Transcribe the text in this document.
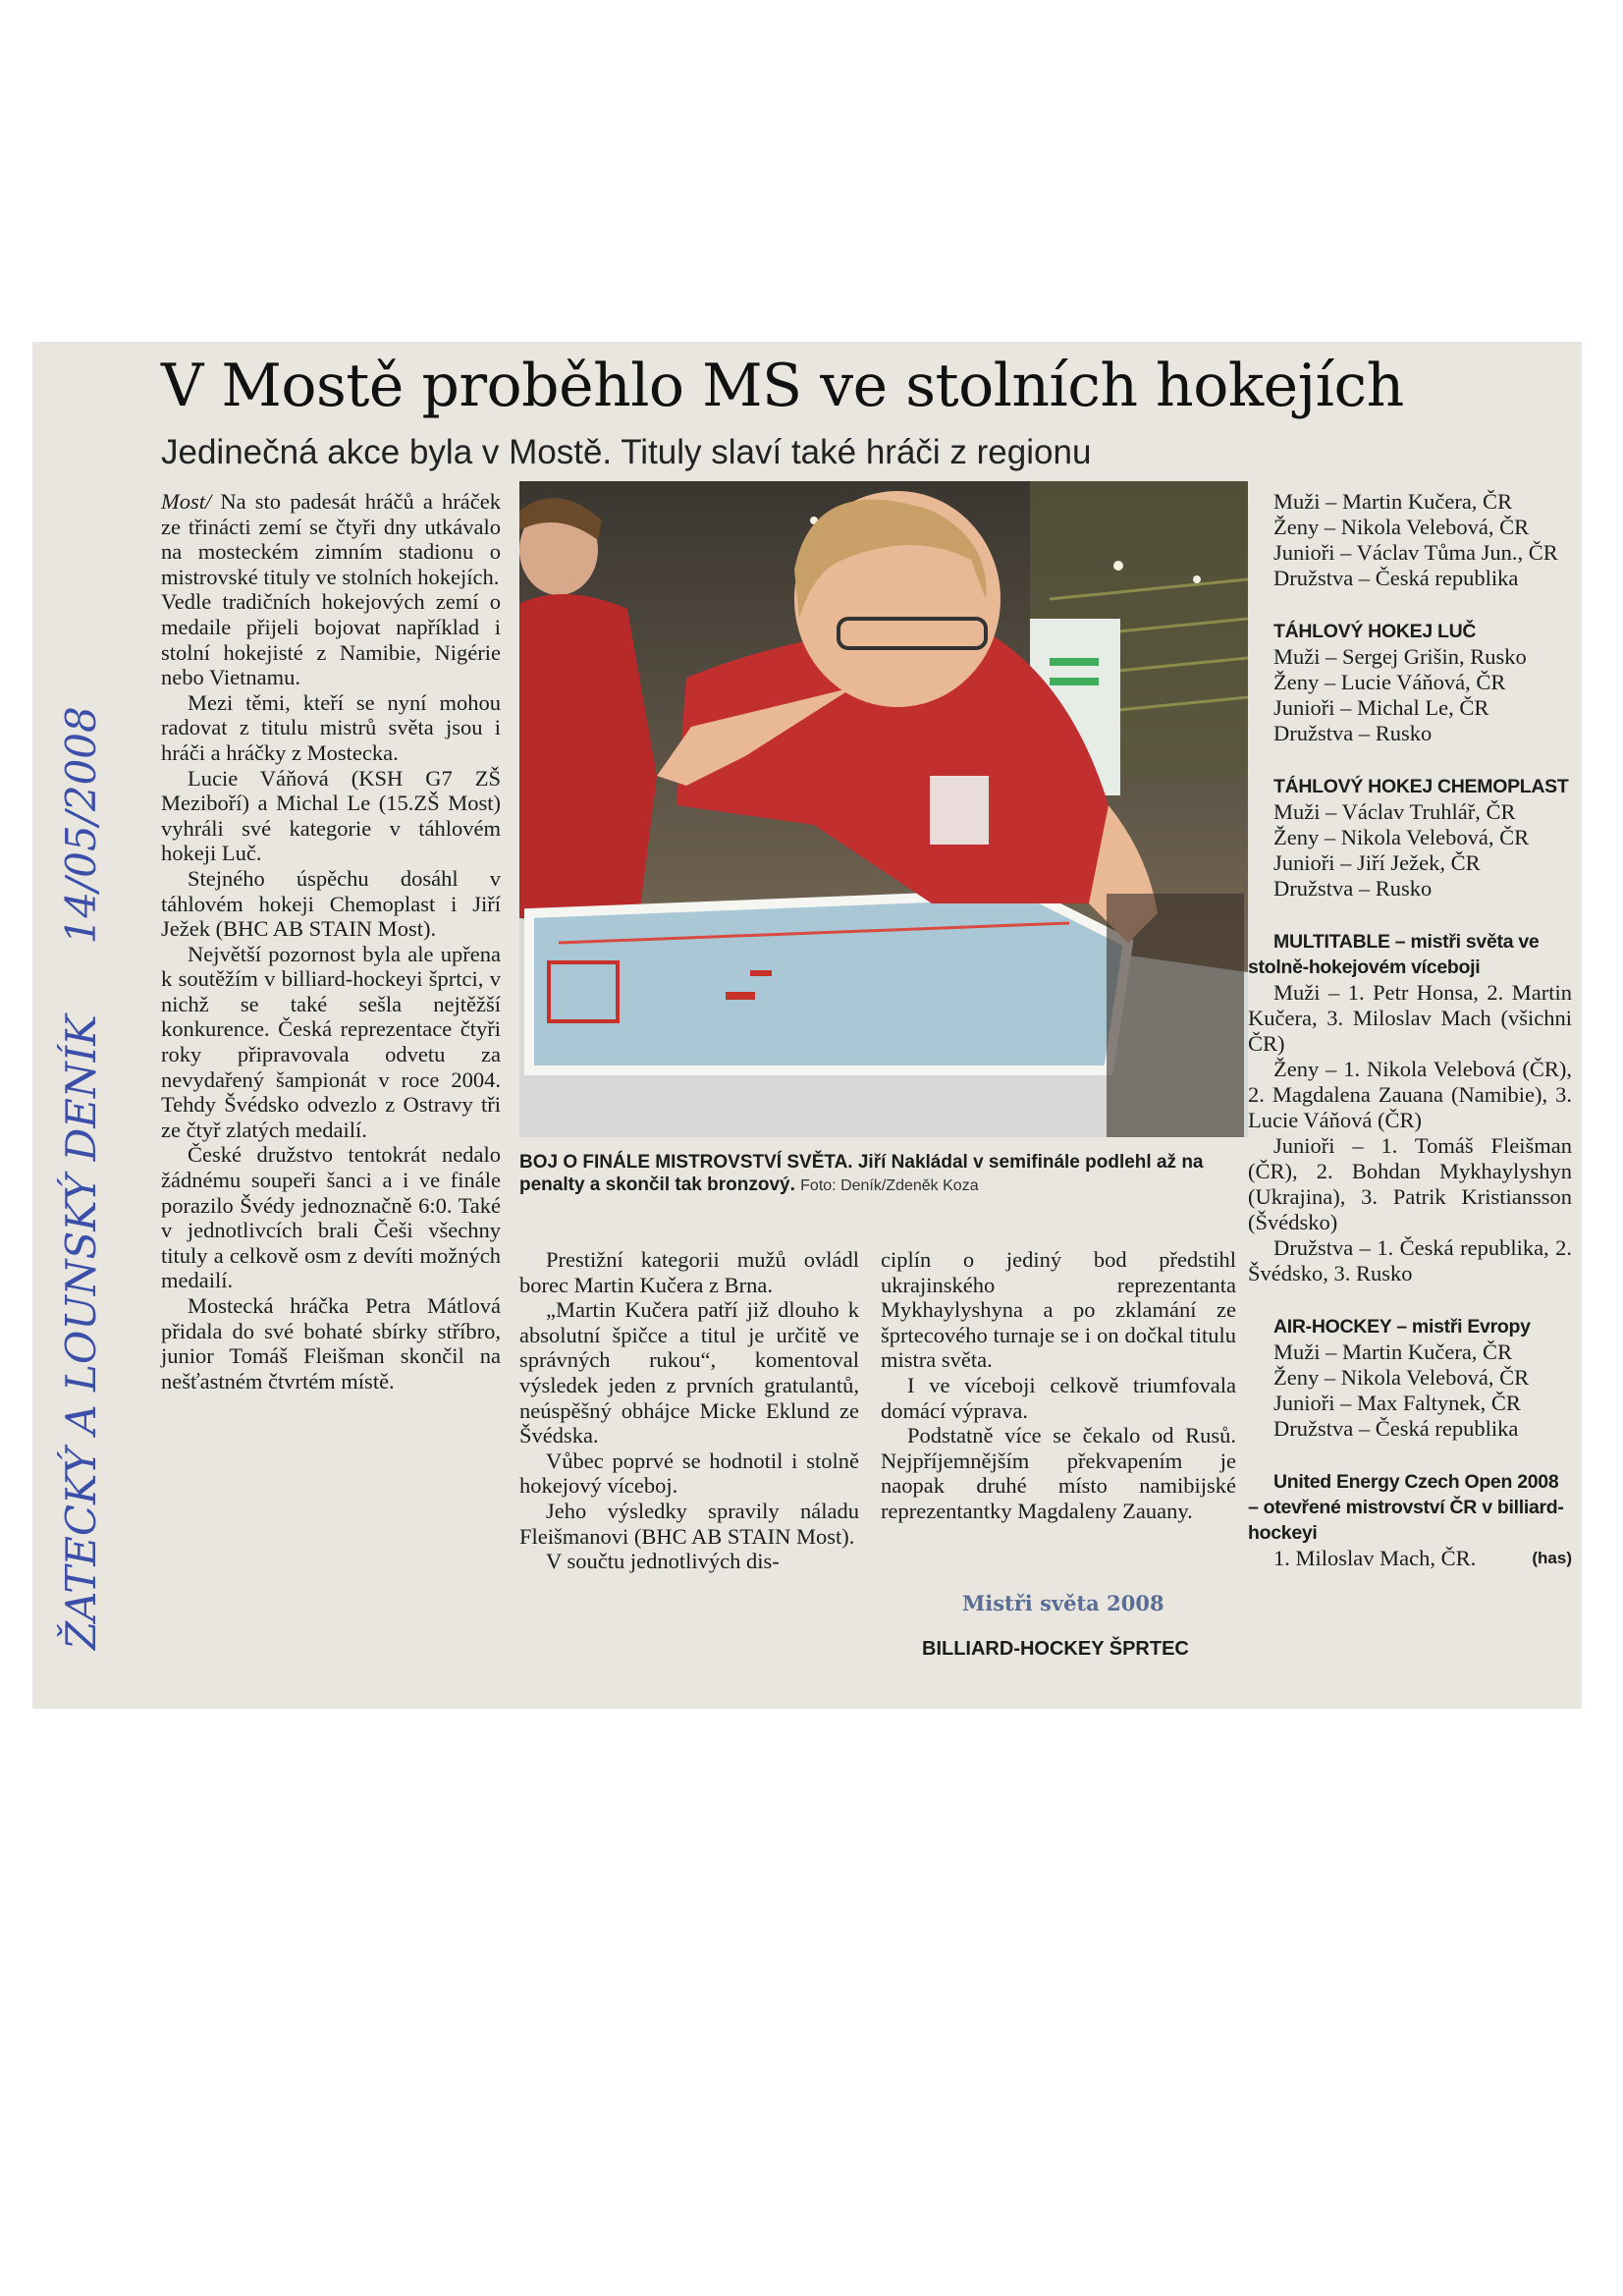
V Mostě proběhlo MS ve stolních hokejích
Jedinečná akce byla v Mostě. Tituly slaví také hráči z regionu

Most/ Na sto padesát hráčů a hráček ze třinácti zemí se čtyři dny utkávalo na mosteckém zimním stadionu o mistrovské tituly ve stolních hokejích.

Vedle tradičních hokejových zemí o medaile přijeli bojovat například i stolní hokejisté z Namibie, Nigérie nebo Vietnamu.

Mezi těmi, kteří se nyní mohou radovat z titulu mistrů světa jsou i hráči a hráčky z Mostecka.

Lucie Váňová (KSH G7 ZŠ Meziboří) a Michal Le (15.ZŠ Most) vyhráli své kategorie v táhlovém hokeji Luč.

Stejného úspěchu dosáhl v táhlovém hokeji Chemoplast i Jiří Ježek (BHC AB STAIN Most).

Největší pozornost byla ale upřena k soutěžím v billiard-hockeyi šprtci, v nichž se také sešla nejtěžší konkurence. Česká reprezentace čtyři roky připravovala odvetu za nevydařený šampionát v roce 2004. Tehdy Švédsko odvezlo z Ostravy tři ze čtyř zlatých medailí.

České družstvo tentokrát nedalo žádnému soupeři šanci a i ve finále porazilo Švédy jednoznačně 6:0. Také v jednotlivcích brali Češi všechny tituly a celkově osm z devíti možných medailí.

Mostecká hráčka Petra Mátlová přidala do své bohaté sbírky stříbro, junior Tomáš Fleišman skončil na nešťastném čtvrtém místě.

BOJ O FINÁLE MISTROVSTVÍ SVĚTA. Jiří Nakládal v semifinále podlehl až na penalty a skončil tak bronzový. Foto: Deník/Zdeněk Koza

Prestižní kategorii mužů ovládl borec Martin Kučera z Brna.

„Martin Kučera patří již dlouho k absolutní špičce a titul je určitě ve správných rukou“, komentoval výsledek jeden z prvních gratulantů, neúspěšný obhájce Micke Eklund ze Švédska.

Vůbec poprvé se hodnotil i stolně hokejový víceboj.

Jeho výsledky spravily náladu Fleišmanovi (BHC AB STAIN Most).

V součtu jednotlivých dis-

ciplín o jediný bod předstihl ukrajinského reprezentanta Mykhaylyshyna a po zklamání ze šprtecového turnaje se i on dočkal titulu mistra světa.

I ve víceboji celkově triumfovala domácí výprava.

Podstatně více se čekalo od Rusů. Nejpříjemnějším překvapením je naopak druhé místo namibijské reprezentantky Magdaleny Zauany.

Mistři světa 2008
BILLIARD-HOCKEY ŠPRTEC
Muži – Martin Kučera, ČR
Ženy – Nikola Velebová, ČR
Junioři – Václav Tůma Jun., ČR
Družstva – Česká republika
TÁHLOVÝ HOKEJ LUČ
Muži – Sergej Grišin, Rusko
Ženy – Lucie Váňová, ČR
Junioři – Michal Le, ČR
Družstva – Rusko
TÁHLOVÝ HOKEJ CHEMOPLAST
Muži – Václav Truhlář, ČR
Ženy – Nikola Velebová, ČR
Junioři – Jiří Ježek, ČR
Družstva – Rusko
MULTITABLE – mistři světa ve stolně-hokejovém víceboji
Muži – 1. Petr Honsa, 2. Martin Kučera, 3. Miloslav Mach (všichni ČR)
Ženy – 1. Nikola Velebová (ČR), 2. Magdalena Zauana (Namibie), 3. Lucie Váňová (ČR)
Junioři – 1. Tomáš Fleišman (ČR), 2. Bohdan Mykhaylyshyn (Ukrajina), 3. Patrik Kristiansson (Švédsko)
Družstva – 1. Česká republika, 2. Švédsko, 3. Rusko
AIR-HOCKEY – mistři Evropy
Muži – Martin Kučera, ČR
Ženy – Nikola Velebová, ČR
Junioři – Max Faltynek, ČR
Družstva – Česká republika
United Energy Czech Open 2008 – otevřené mistrovství ČR v billiard-hockeyi
1. Miloslav Mach, ČR.	(has)
ŽATECKÝ A LOUNSKÝ DENÍK14/05/2008
